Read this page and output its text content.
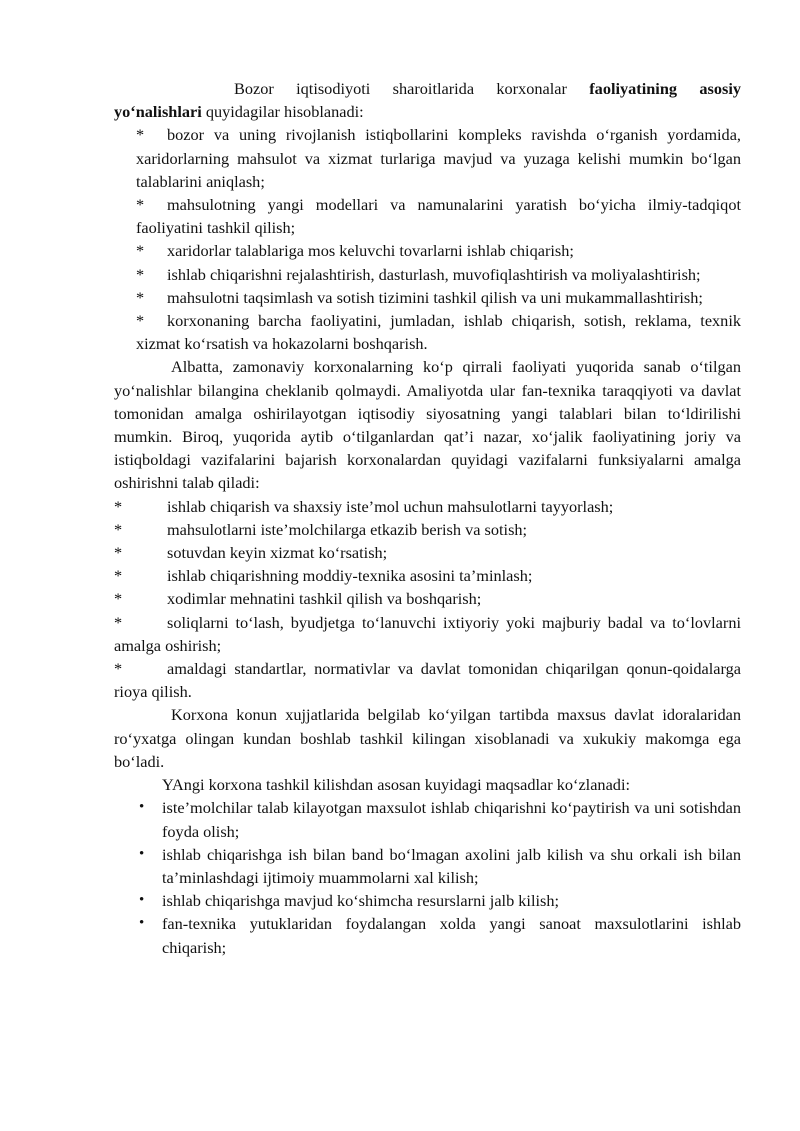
Bozor iqtisodiyoti sharoitlarida korxonalar faoliyatining asosiy yo‘nalishlari quyidagilar hisoblanadi:

*	bozor va uning rivojlanish istiqbollarini kompleks ravishda o‘rganish yordamida, xaridorlarning mahsulot va xizmat turlariga mavjud va yuzaga kelishi mumkin bo‘lgan talablarini aniqlash;

*	mahsulotning yangi modellari va namunalarini yaratish bo‘yicha ilmiy-tadqiqot faoliyatini tashkil qilish;

*	xaridorlar talablariga mos keluvchi tovarlarni ishlab chiqarish;

*	ishlab chiqarishni rejalashtirish, dasturlash, muvofiqlashtirish va moliyalashtirish;

*	mahsulotni taqsimlash va sotish tizimini tashkil qilish va uni mukammallashtirish;

*	korxonaning barcha faoliyatini, jumladan, ishlab chiqarish, sotish, reklama, texnik xizmat ko‘rsatish va hokazolarni boshqarish.

Albatta, zamonaviy korxonalarning ko‘p qirrali faoliyati yuqorida sanab o‘tilgan yo‘nalishlar bilangina cheklanib qolmaydi. Amaliyotda ular fan-texnika taraqqiyoti va davlat tomonidan amalga oshirilayotgan iqtisodiy siyosatning yangi talablari bilan to‘ldirilishi mumkin. Biroq, yuqorida aytib o‘tilganlardan qat’i nazar, xo‘jalik faoliyatining joriy va istiqboldagi vazifalarini bajarish korxonalardan quyidagi vazifalarni funksiyalarni amalga oshirishni talab qiladi:

*	ishlab chiqarish va shaxsiy iste’mol uchun mahsulotlarni tayyorlash;

*	mahsulotlarni iste’molchilarga etkazib berish va sotish;

*	sotuvdan keyin xizmat ko‘rsatish;

*	ishlab chiqarishning moddiy-texnika asosini ta’minlash;

*	xodimlar mehnatini tashkil qilish va boshqarish;

*	soliqlarni to‘lash, byudjetga to‘lanuvchi ixtiyoriy yoki majburiy badal va to‘lovlarni amalga oshirish;

*	amaldagi standartlar, normativlar va davlat tomonidan chiqarilgan qonun-qoidalarga rioya qilish.

Korxona konun xujjatlarida belgilab ko‘yilgan tartibda maxsus davlat idoralaridan ro‘yxatga olingan kundan boshlab tashkil kilingan xisoblanadi va xukukiy makomga ega bo‘ladi.

YAngi korxona tashkil kilishdan asosan kuyidagi maqsadlar ko‘zlanadi:

• iste’molchilar talab kilayotgan maxsulot ishlab chiqarishni ko‘paytirish va uni sotishdan foyda olish;

• ishlab chiqarishga ish bilan band bo‘lmagan axolini jalb kilish va shu orkali ish bilan ta’minlashdagi ijtimoiy muammolarni xal kilish;

• ishlab chiqarishga mavjud ko‘shimcha resurslarni jalb kilish;

• fan-texnika yutuklaridan foydalangan xolda yangi sanoat maxsulotlarini ishlab chiqarish;
